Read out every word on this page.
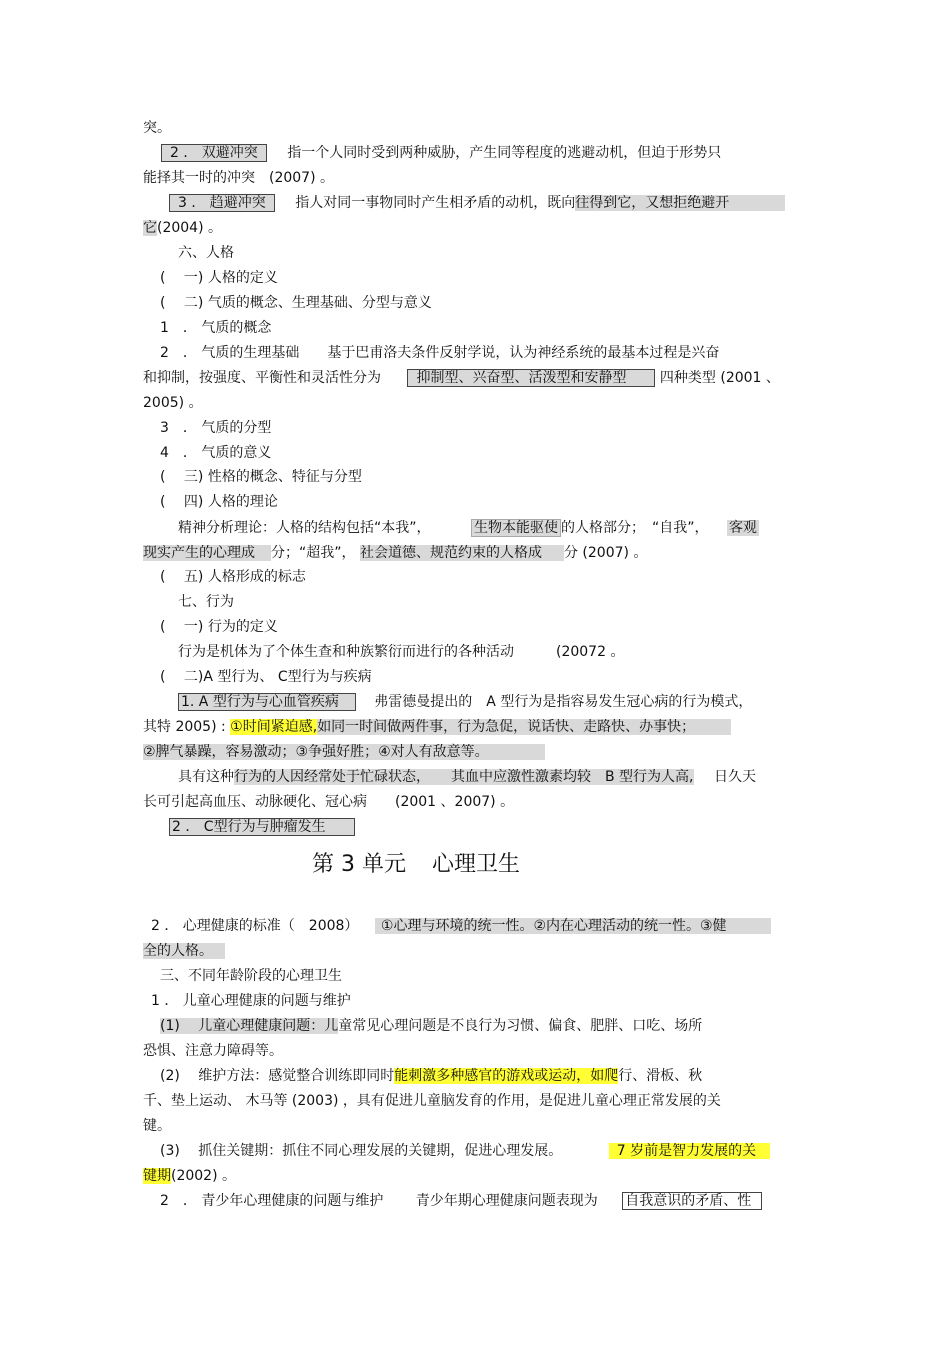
突。
2 ． 双避冲突 指一个人同时受到两种威胁，产生同等程度的逃避动机，但迫于形势只
能择其一时的冲突　(2007) 。
3 ． 趋避冲突 指人对同一事物同时产生相矛盾的动机，既向往得到它，又想拒绝避开
它(2004) 。
六、人格
(　 一) 人格的定义
(　 二) 气质的概念、生理基础、分型与意义
1　． 气质的概念
2　． 气质的生理基础　　基于巴甫洛夫条件反射学说，认为神经系统的最基本过程是兴奋
和抑制，按强度、平衡性和灵活性分为	抑制型、兴奋型、活泼型和安静型 四种类型 (2001 、
2005) 。
3　． 气质的分型
4　． 气质的意义
(　 三) 性格的概念、特征与分型
(　 四) 人格的理论
精神分析理论：人格的结构包括“本我”，	生物本能驱使 的人格部分；　“自我”， 客观
现实产生的心理成 分；“超我”， 社会道德、规范约束的人格成 分 (2007) 。
(　 五) 人格形成的标志
七、行为
(　 一) 行为的定义
行为是机体为了个体生查和种族繁衍而进行的各种活动　　　(20072 。
(　 二)A 型行为、 C型行为与疾病
1. A 型行为与心血管疾病	弗雷德曼提出的　A 型行为是指容易发生冠心病的行为模式，
其特 2005) : ①时间紧迫感,如同一时间做两件事，行为急促，说话快、走路快、办事快；
②脾气暴躁，容易激动；③争强好胜；④对人有敌意等。
具有这种行为的人因经常处于忙碌状态，　　其血中应激性激素均较　B 型行为人高, 日久天
长可引起高血压、动脉硬化、冠心病　　(2001 、2007) 。
2 ． C型行为与肿瘤发生
第 3 单元 心理卫生
2 ． 心理健康的标准（　2008） ①心理与环境的统一性。②内在心理活动的统一性。③健
全的人格。
三、不同年龄阶段的心理卫生
1 ． 儿童心理健康的问题与维护
(1)　 儿童心理健康问题：儿童常见心理问题是不良行为习惯、偏食、肥胖、口吃、场所
恐惧、注意力障碍等。
(2)　 维护方法：感觉整合训练即同时能刺激多种感官的游戏或运动，如爬行、滑板、秋
千、垫上运动、 木马等 (2003) ，具有促进儿童脑发育的作用，是促进儿童心理正常发展的关
键。
(3)　 抓住关键期：抓住不同心理发展的关键期，促进心理发展。	7 岁前是智力发展的关
键期(2002) 。
2　． 青少年心理健康的问题与维护　　 青少年期心理健康问题表现为 自我意识的矛盾、性
